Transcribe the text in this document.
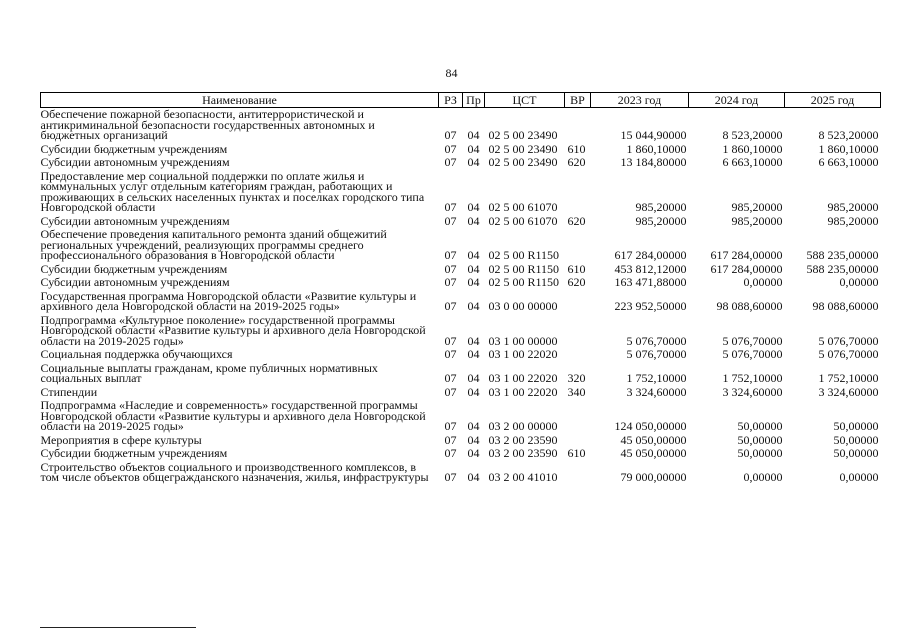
84
Наименование	РЗ	Пр	ЦСТ	ВР	2023 год	2024 год	2025 год
Обеспечение пожарной безопасности, антитеррористической и антикриминальной безопасности государственных автономных и бюджетных организаций	07	04	02 5 00 23490		15 044,90000	8 523,20000	8 523,20000
Субсидии бюджетным учреждениям	07	04	02 5 00 23490	610	1 860,10000	1 860,10000	1 860,10000
Субсидии автономным учреждениям	07	04	02 5 00 23490	620	13 184,80000	6 663,10000	6 663,10000
Предоставление мер социальной поддержки по оплате жилья и коммунальных услуг отдельным категориям граждан, работающих и проживающих в сельских населенных пунктах и поселках городского типа Новгородской области	07	04	02 5 00 61070		985,20000	985,20000	985,20000
Субсидии автономным учреждениям	07	04	02 5 00 61070	620	985,20000	985,20000	985,20000
Обеспечение проведения капитального ремонта зданий общежитий региональных учреждений, реализующих программы среднего профессионального образования в Новгородской области	07	04	02 5 00 R1150		617 284,00000	617 284,00000	588 235,00000
Субсидии бюджетным учреждениям	07	04	02 5 00 R1150	610	453 812,12000	617 284,00000	588 235,00000
Субсидии автономным учреждениям	07	04	02 5 00 R1150	620	163 471,88000	0,00000	0,00000
Государственная программа Новгородской области «Развитие культуры и архивного дела Новгородской области на 2019-2025 годы»	07	04	03 0 00 00000		223 952,50000	98 088,60000	98 088,60000
Подпрограмма «Культурное поколение» государственной программы Новгородской области «Развитие культуры и архивного дела Новгородской области на 2019-2025 годы»	07	04	03 1 00 00000		5 076,70000	5 076,70000	5 076,70000
Социальная поддержка обучающихся	07	04	03 1 00 22020		5 076,70000	5 076,70000	5 076,70000
Социальные выплаты гражданам, кроме публичных нормативных социальных выплат	07	04	03 1 00 22020	320	1 752,10000	1 752,10000	1 752,10000
Стипендии	07	04	03 1 00 22020	340	3 324,60000	3 324,60000	3 324,60000
Подпрограмма «Наследие и современность» государственной программы Новгородской области «Развитие культуры и архивного дела Новгородской области на 2019-2025 годы»	07	04	03 2 00 00000		124 050,00000	50,00000	50,00000
Мероприятия в сфере культуры	07	04	03 2 00 23590		45 050,00000	50,00000	50,00000
Субсидии бюджетным учреждениям	07	04	03 2 00 23590	610	45 050,00000	50,00000	50,00000
Строительство объектов социального и производственного комплексов, в том числе объектов общегражданского назначения, жилья, инфраструктуры	07	04	03 2 00 41010		79 000,00000	0,00000	0,00000
